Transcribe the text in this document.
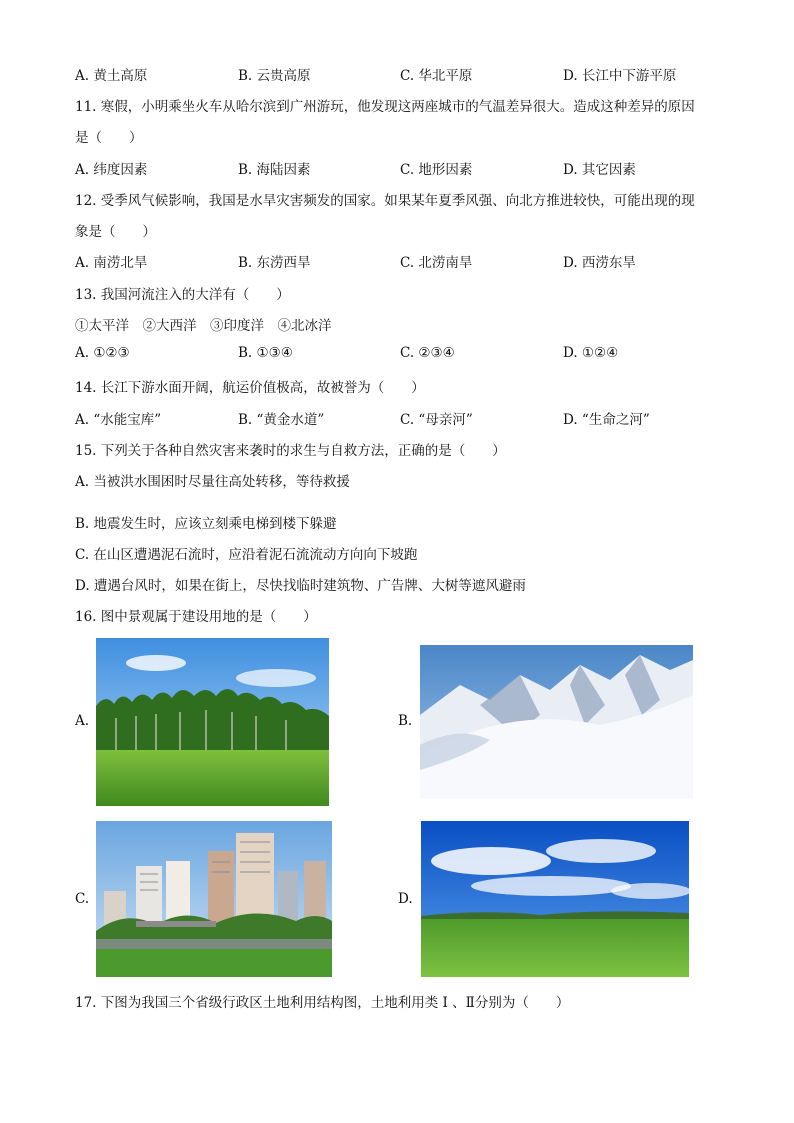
A. 黄土高原	B. 云贵高原	C. 华北平原	D. 长江中下游平原
11. 寒假，小明乘坐火车从哈尔滨到广州游玩，他发现这两座城市的气温差异很大。造成这种差异的原因
是（　　）
A. 纬度因素	B. 海陆因素	C. 地形因素	D. 其它因素
12. 受季风气候影响，我国是水旱灾害频发的国家。如果某年夏季风强、向北方推进较快，可能出现的现
象是（　　）
A. 南涝北旱	B. 东涝西旱	C. 北涝南旱	D. 西涝东旱
13. 我国河流注入的大洋有（　　）
①太平洋　②大西洋　③印度洋　④北冰洋
A. ①②③	B. ①③④	C. ②③④	D. ①②④
14. 长江下游水面开阔，航运价值极高，故被誉为（　　）
A. “水能宝库”	B. “黄金水道”	C. “母亲河”	D. “生命之河”
15. 下列关于各种自然灾害来袭时的求生与自救方法，正确的是（　　）
A. 当被洪水围困时尽量往高处转移，等待救援
B. 地震发生时，应该立刻乘电梯到楼下躲避
C. 在山区遭遇泥石流时，应沿着泥石流流动方向向下坡跑
D. 遭遇台风时，如果在街上，尽快找临时建筑物、广告牌、大树等遮风避雨
16. 图中景观属于建设用地的是（　　）
A.	B.
C.	D.
17. 下图为我国三个省级行政区土地利用结构图，土地利用类 Ⅰ 、Ⅱ分别为（　　）
